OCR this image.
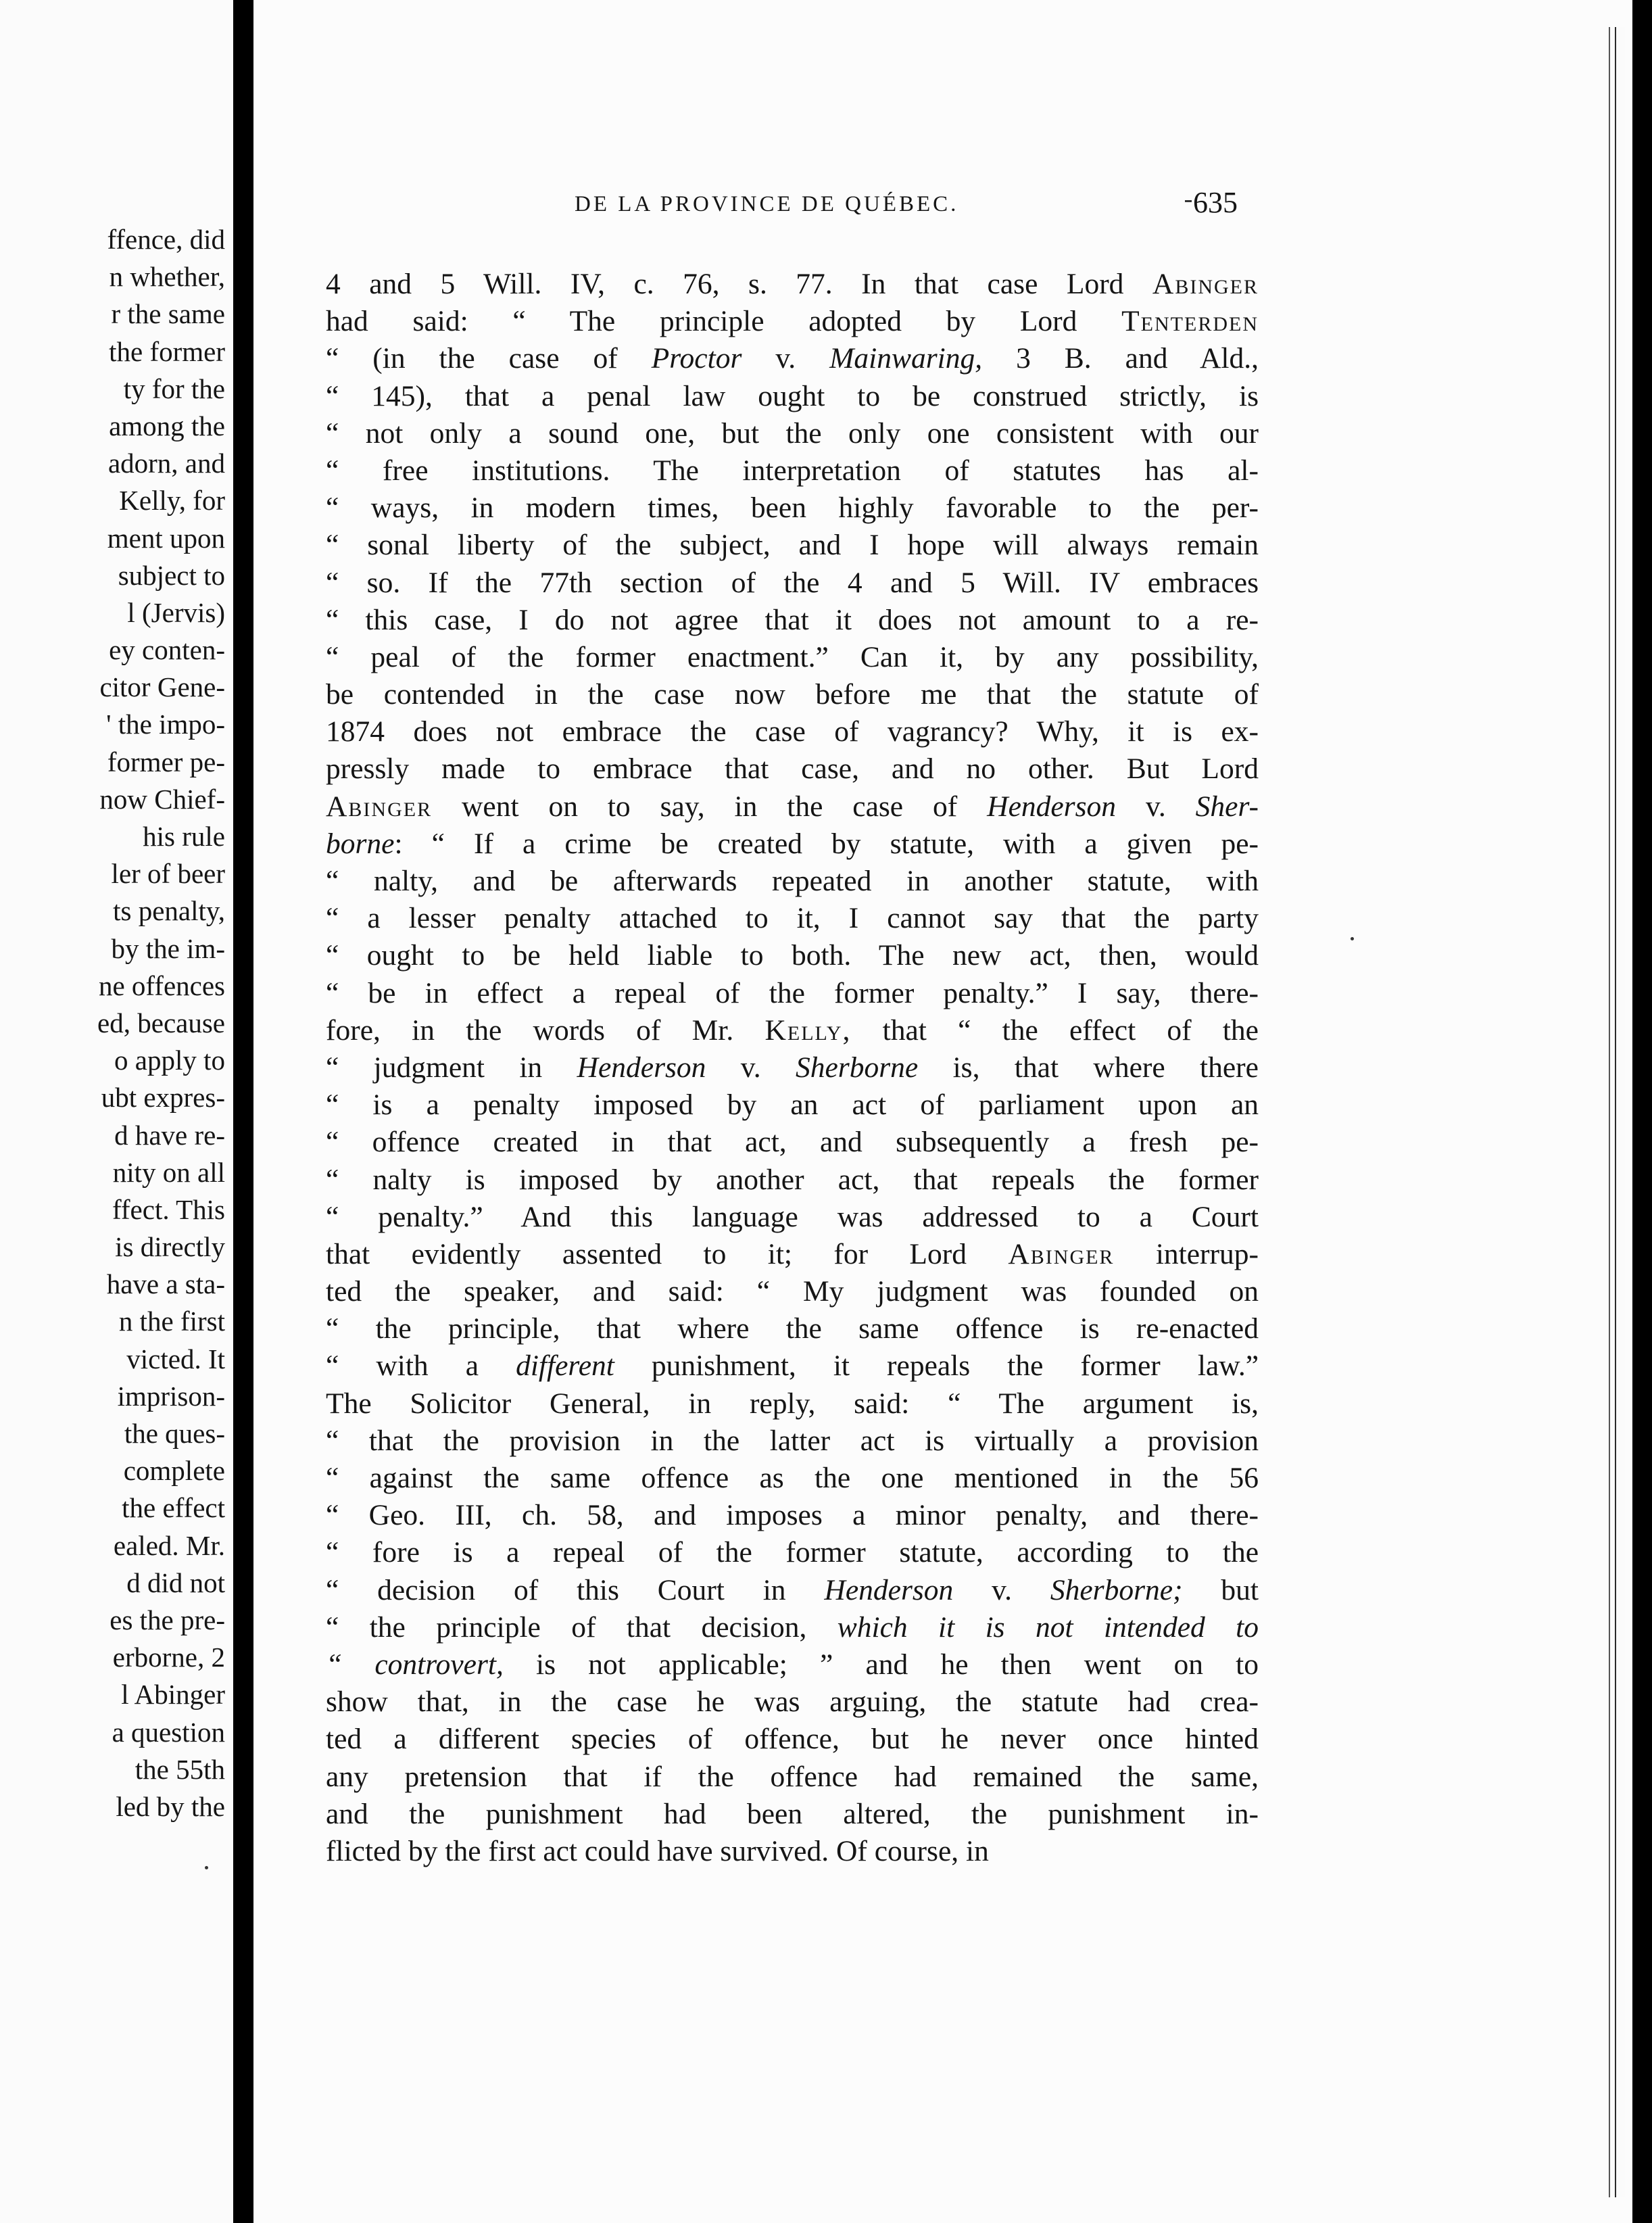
ffence, did
n whether,
r the same
the former
ty for the
among the
adorn, and
Kelly, for
ment upon
subject to
l (Jervis)
ey conten-
citor Gene-
' the impo-
former pe-
now Chief-
his rule
ler of beer
ts penalty,
by the im-
ne offences
ed, because
o apply to
ubt expres-
d have re-
nity on all
ffect. This
is directly
have a sta-
n the first
victed. It
imprison-
the ques-
complete
the effect
ealed. Mr.
d did not
es the pre-
erborne, 2
l Abinger
a question
the 55th
led by the
DE LA PROVINCE DE QUÉBEC.	635
4 and 5 Will. IV, c. 76, s. 77. In that case Lord Abinger
had said: “ The principle adopted by Lord Tenterden
“ (in the case of Proctor v. Mainwaring, 3 B. and Ald.,
“ 145), that a penal law ought to be construed strictly, is
“ not only a sound one, but the only one consistent with our
“ free institutions. The interpretation of statutes has al-
“ ways, in modern times, been highly favorable to the per-
“ sonal liberty of the subject, and I hope will always remain
“ so. If the 77th section of the 4 and 5 Will. IV embraces
“ this case, I do not agree that it does not amount to a re-
“ peal of the former enactment.” Can it, by any possibility,
be contended in the case now before me that the statute of
1874 does not embrace the case of vagrancy? Why, it is ex-
pressly made to embrace that case, and no other. But Lord
Abinger went on to say, in the case of Henderson v. Sher-
borne: “ If a crime be created by statute, with a given pe-
“ nalty, and be afterwards repeated in another statute, with
“ a lesser penalty attached to it, I cannot say that the party
“ ought to be held liable to both. The new act, then, would
“ be in effect a repeal of the former penalty.” I say, there-
fore, in the words of Mr. Kelly, that “ the effect of the
“ judgment in Henderson v. Sherborne is, that where there
“ is a penalty imposed by an act of parliament upon an
“ offence created in that act, and subsequently a fresh pe-
“ nalty is imposed by another act, that repeals the former
“ penalty.” And this language was addressed to a Court
that evidently assented to it; for Lord Abinger interrup-
ted the speaker, and said: “ My judgment was founded on
“ the principle, that where the same offence is re-enacted
“ with a different punishment, it repeals the former law.”
The Solicitor General, in reply, said: “ The argument is,
“ that the provision in the latter act is virtually a provision
“ against the same offence as the one mentioned in the 56
“ Geo. III, ch. 58, and imposes a minor penalty, and there-
“ fore is a repeal of the former statute, according to the
“ decision of this Court in Henderson v. Sherborne; but
“ the principle of that decision, which it is not intended to
“ controvert, is not applicable; ” and he then went on to
show that, in the case he was arguing, the statute had crea-
ted a different species of offence, but he never once hinted
any pretension that if the offence had remained the same,
and the punishment had been altered, the punishment in-
flicted by the first act could have survived. Of course, in
